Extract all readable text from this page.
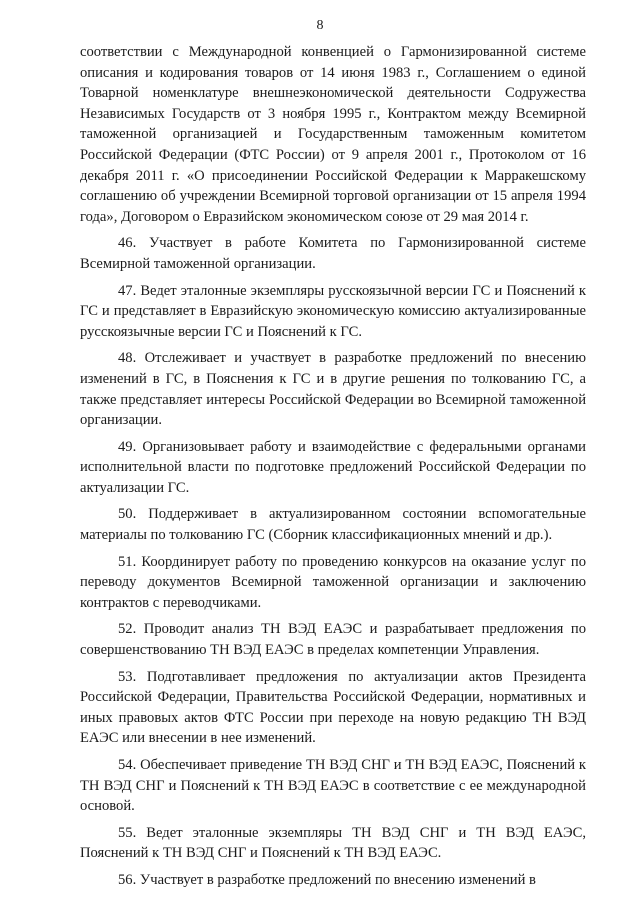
8

соответствии с Международной конвенцией о Гармонизированной системе описания и кодирования товаров от 14 июня 1983 г., Соглашением о единой Товарной номенклатуре внешнеэкономической деятельности Содружества Независимых Государств от 3 ноября 1995 г., Контрактом между Всемирной таможенной организацией и Государственным таможенным комитетом Российской Федерации (ФТС России) от 9 апреля 2001 г., Протоколом от 16 декабря 2011 г. «О присоединении Российской Федерации к Марракешскому соглашению об учреждении Всемирной торговой организации от 15 апреля 1994 года», Договором о Евразийском экономическом союзе от 29 мая 2014 г.

46. Участвует в работе Комитета по Гармонизированной системе Всемирной таможенной организации.

47. Ведет эталонные экземпляры русскоязычной версии ГС и Пояснений к ГС и представляет в Евразийскую экономическую комиссию актуализированные русскоязычные версии ГС и Пояснений к ГС.

48. Отслеживает и участвует в разработке предложений по внесению изменений в ГС, в Пояснения к ГС и в другие решения по толкованию ГС, а также представляет интересы Российской Федерации во Всемирной таможенной организации.

49. Организовывает работу и взаимодействие с федеральными органами исполнительной власти по подготовке предложений Российской Федерации по актуализации ГС.

50. Поддерживает в актуализированном состоянии вспомогательные материалы по толкованию ГС (Сборник классификационных мнений и др.).

51. Координирует работу по проведению конкурсов на оказание услуг по переводу документов Всемирной таможенной организации и заключению контрактов с переводчиками.

52. Проводит анализ ТН ВЭД ЕАЭС и разрабатывает предложения по совершенствованию ТН ВЭД ЕАЭС в пределах компетенции Управления.

53. Подготавливает предложения по актуализации актов Президента Российской Федерации, Правительства Российской Федерации, нормативных и иных правовых актов ФТС России при переходе на новую редакцию ТН ВЭД ЕАЭС или внесении в нее изменений.

54. Обеспечивает приведение ТН ВЭД СНГ и ТН ВЭД ЕАЭС, Пояснений к ТН ВЭД СНГ и Пояснений к ТН ВЭД ЕАЭС в соответствие с ее международной основой.

55. Ведет эталонные экземпляры ТН ВЭД СНГ и ТН ВЭД ЕАЭС, Пояснений к ТН ВЭД СНГ и Пояснений к ТН ВЭД ЕАЭС.

56. Участвует в разработке предложений по внесению изменений в
